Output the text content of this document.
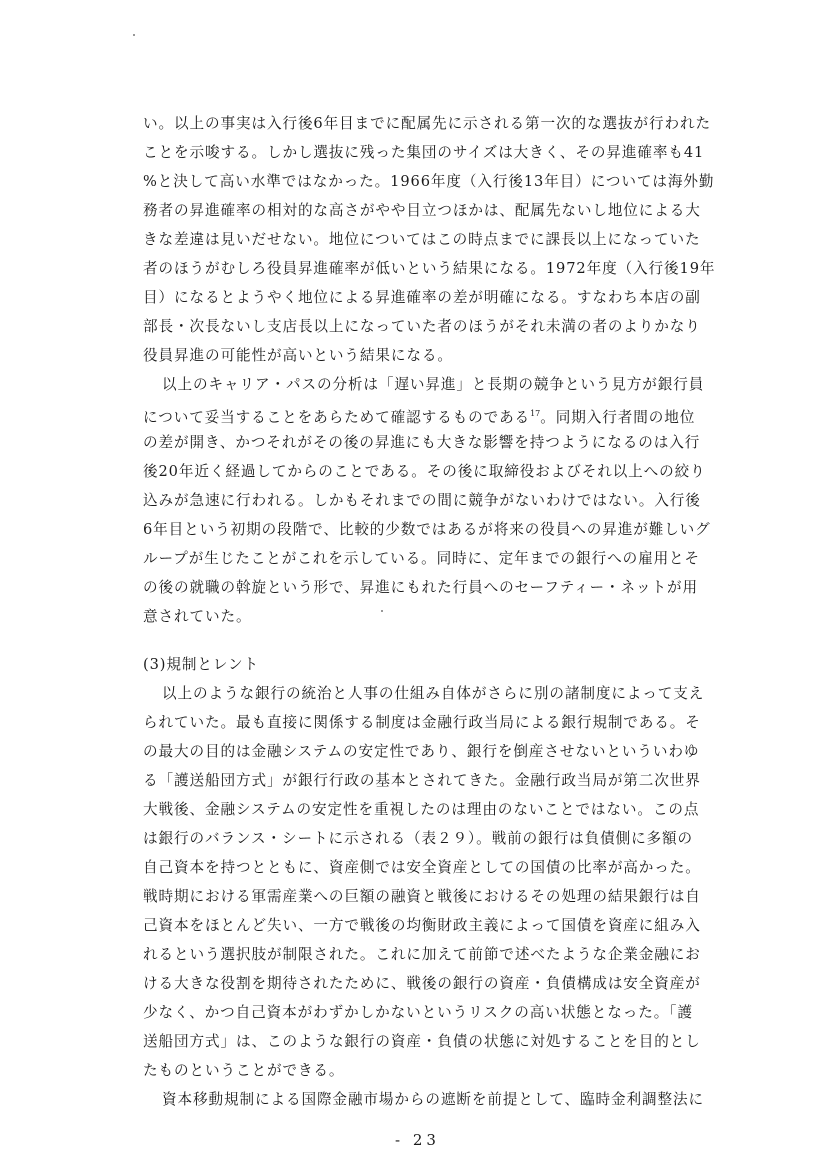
い。以上の事実は入行後6年目までに配属先に示される第一次的な選抜が行われた
ことを示唆する。しかし選抜に残った集団のサイズは大きく、その昇進確率も41
%と決して高い水準ではなかった。1966年度（入行後13年目）については海外勤
務者の昇進確率の相対的な高さがやや目立つほかは、配属先ないし地位による大
きな差違は見いだせない。地位についてはこの時点までに課長以上になっていた
者のほうがむしろ役員昇進確率が低いという結果になる。1972年度（入行後19年
目）になるとようやく地位による昇進確率の差が明確になる。すなわち本店の副
部長・次長ないし支店長以上になっていた者のほうがそれ未満の者のよりかなり
役員昇進の可能性が高いという結果になる。
以上のキャリア・パスの分析は「遅い昇進」と長期の競争という見方が銀行員
について妥当することをあらためて確認するものである$^{17}$。同期入行者間の地位
の差が開き、かつそれがその後の昇進にも大きな影響を持つようになるのは入行
後20年近く経過してからのことである。その後に取締役およびそれ以上への絞り
込みが急速に行われる。しかもそれまでの間に競争がないわけではない。入行後
6年目という初期の段階で、比較的少数ではあるが将来の役員への昇進が難しいグ
ループが生じたことがこれを示している。同時に、定年までの銀行への雇用とそ
の後の就職の斡旋という形で、昇進にもれた行員へのセーフティー・ネットが用
意されていた。
(3)規制とレント
以上のような銀行の統治と人事の仕組み自体がさらに別の諸制度によって支え
られていた。最も直接に関係する制度は金融行政当局による銀行規制である。そ
の最大の目的は金融システムの安定性であり、銀行を倒産させないといういわゆ
る「護送船団方式」が銀行行政の基本とされてきた。金融行政当局が第二次世界
大戦後、金融システムの安定性を重視したのは理由のないことではない。この点
は銀行のバランス・シートに示される（表２９）。戦前の銀行は負債側に多額の
自己資本を持つとともに、資産側では安全資産としての国債の比率が高かった。
戦時期における軍需産業への巨額の融資と戦後におけるその処理の結果銀行は自
己資本をほとんど失い、一方で戦後の均衡財政主義によって国債を資産に組み入
れるという選択肢が制限された。これに加えて前節で述べたような企業金融にお
ける大きな役割を期待されたために、戦後の銀行の資産・負債構成は安全資産が
少なく、かつ自己資本がわずかしかないというリスクの高い状態となった。「護
送船団方式」は、このような銀行の資産・負債の状態に対処することを目的とし
たものということができる。
資本移動規制による国際金融市場からの遮断を前提として、臨時金利調整法に
- 23
